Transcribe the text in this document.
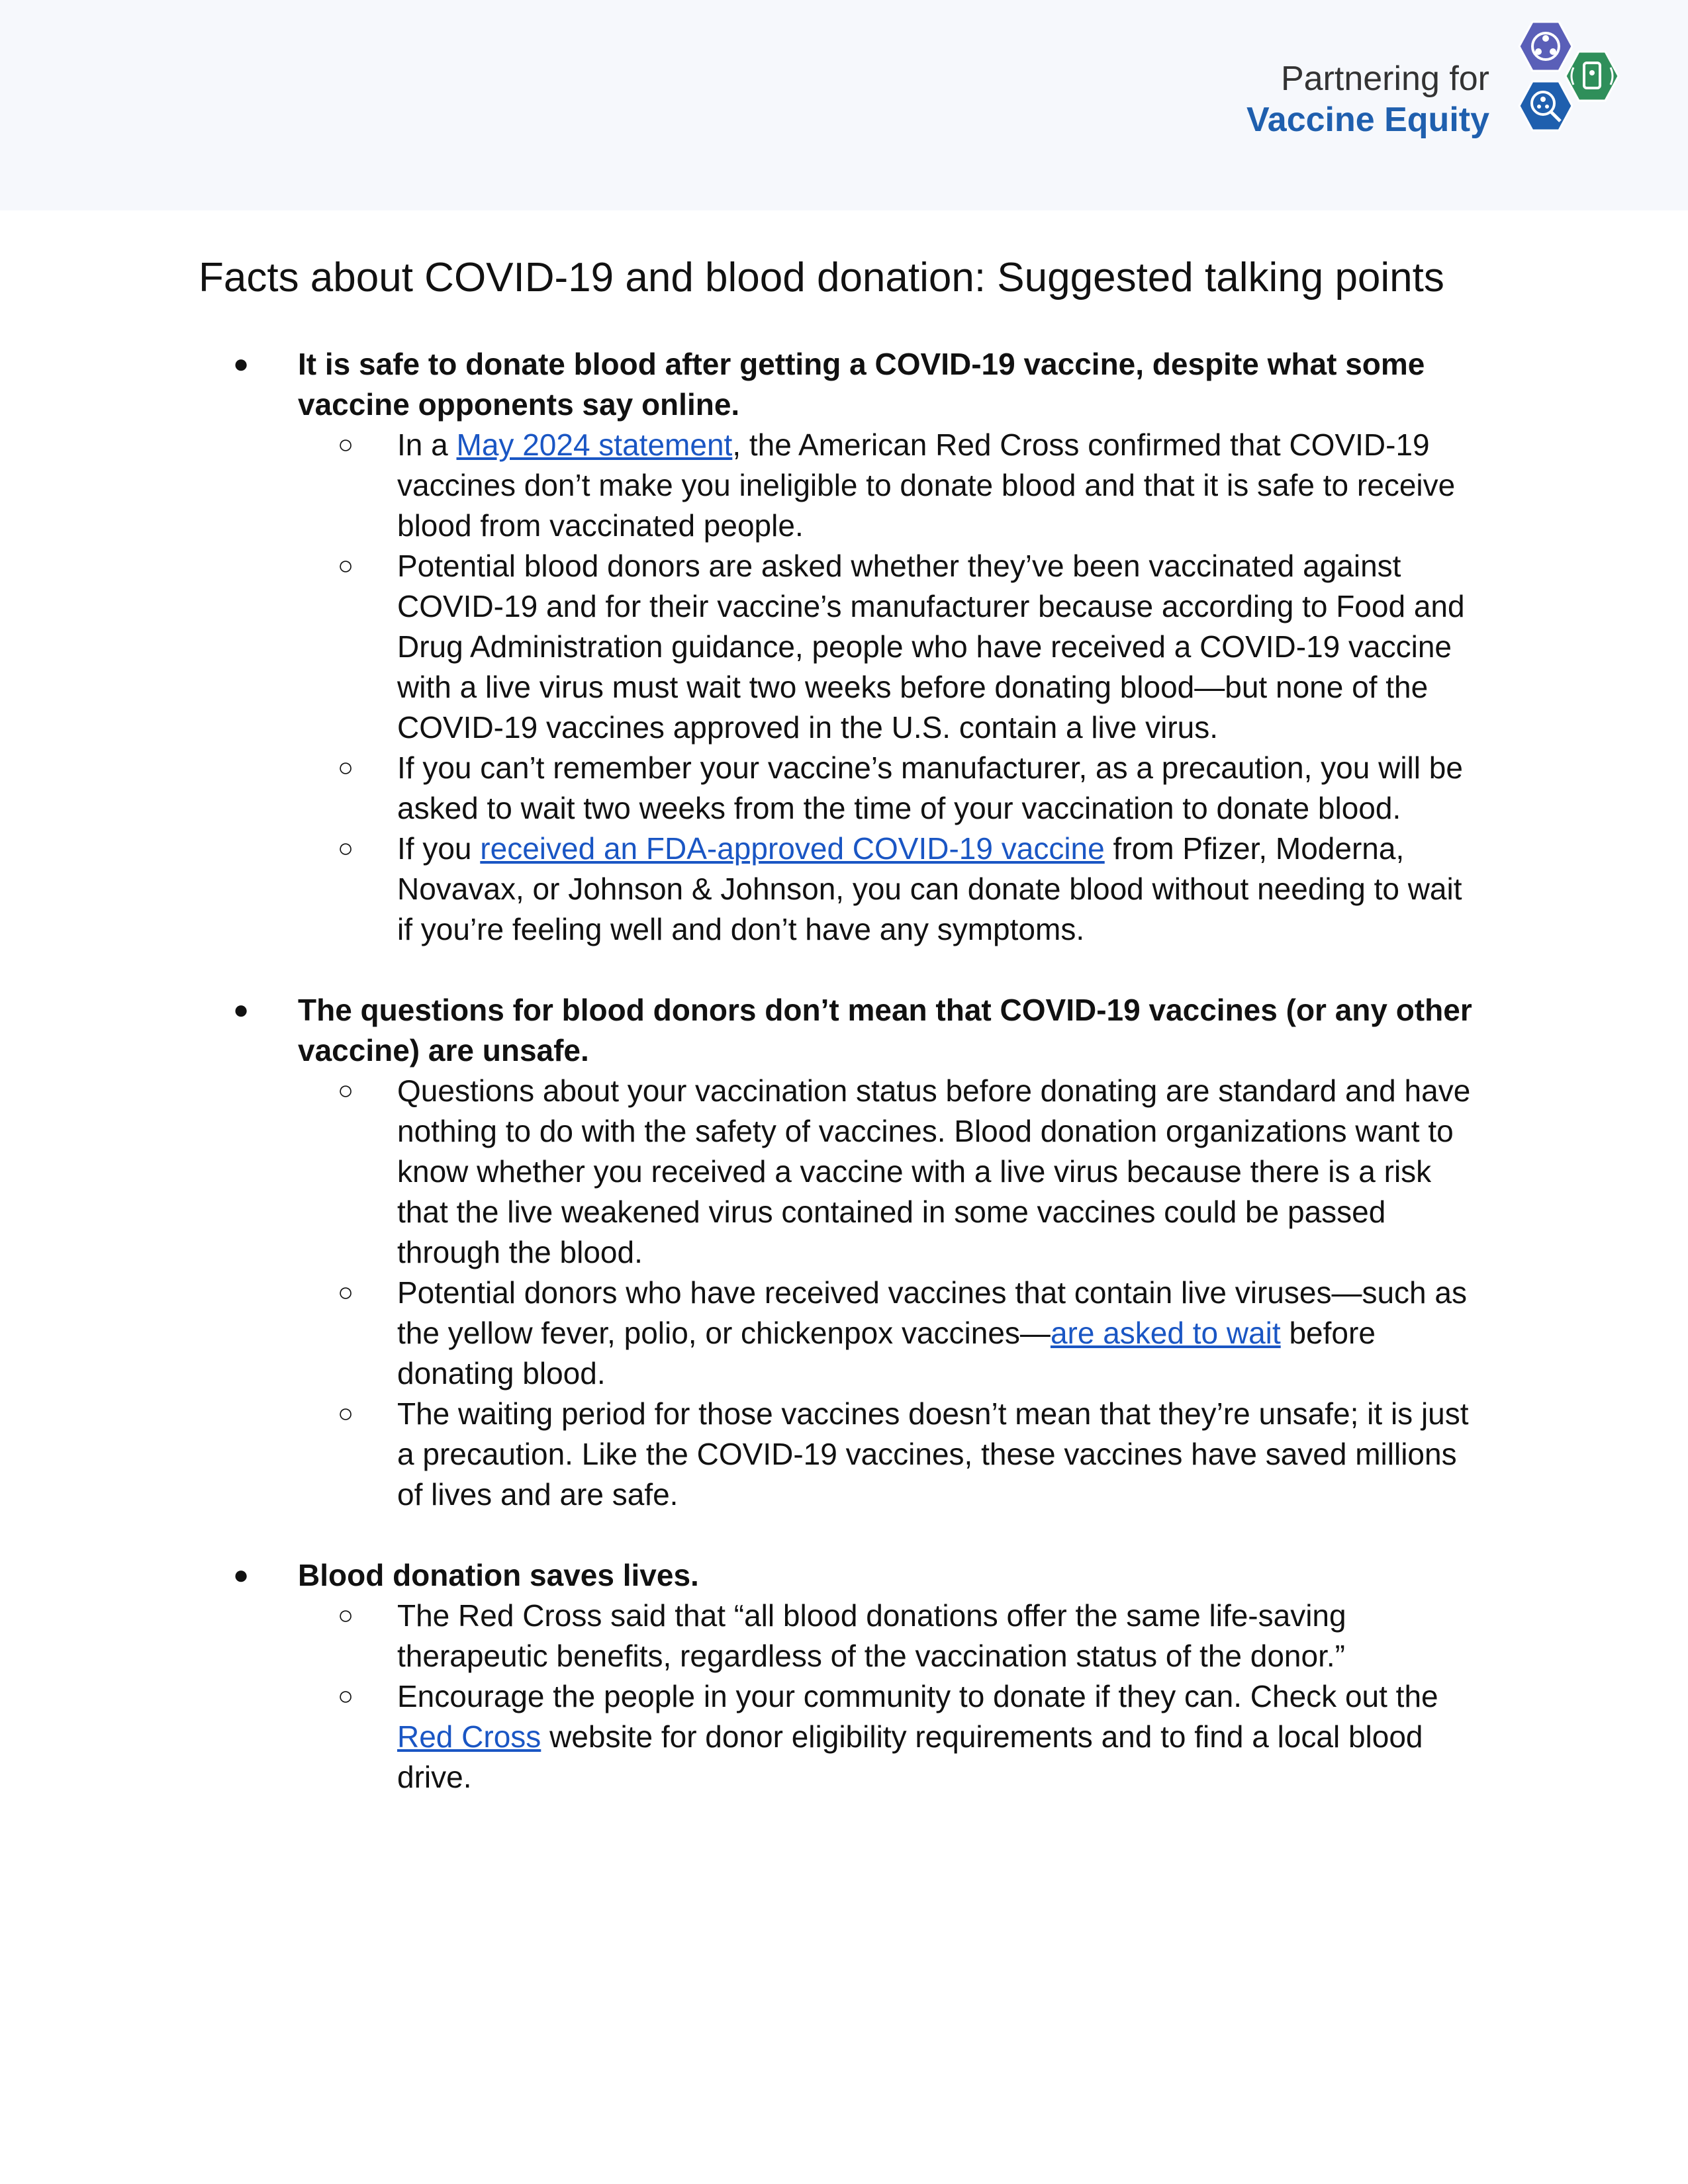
Partnering for
Vaccine Equity
Facts about COVID-19 and blood donation: Suggested talking points
●	It is safe to donate blood after getting a COVID-19 vaccine, despite what some vaccine opponents say online.
○	In a May 2024 statement, the American Red Cross confirmed that COVID-19 vaccines don’t make you ineligible to donate blood and that it is safe to receive blood from vaccinated people.
○	Potential blood donors are asked whether they’ve been vaccinated against COVID-19 and for their vaccine’s manufacturer because according to Food and Drug Administration guidance, people who have received a COVID-19 vaccine with a live virus must wait two weeks before donating blood—but none of the COVID-19 vaccines approved in the U.S. contain a live virus.
○	If you can’t remember your vaccine’s manufacturer, as a precaution, you will be asked to wait two weeks from the time of your vaccination to donate blood.
○	If you received an FDA-approved COVID-19 vaccine from Pfizer, Moderna, Novavax, or Johnson & Johnson, you can donate blood without needing to wait if you’re feeling well and don’t have any symptoms.
●	The questions for blood donors don’t mean that COVID-19 vaccines (or any other vaccine) are unsafe.
○	Questions about your vaccination status before donating are standard and have nothing to do with the safety of vaccines. Blood donation organizations want to know whether you received a vaccine with a live virus because there is a risk that the live weakened virus contained in some vaccines could be passed through the blood.
○	Potential donors who have received vaccines that contain live viruses—such as the yellow fever, polio, or chickenpox vaccines—are asked to wait before donating blood.
○	The waiting period for those vaccines doesn’t mean that they’re unsafe; it is just a precaution. Like the COVID-19 vaccines, these vaccines have saved millions of lives and are safe.
●	Blood donation saves lives.
○	The Red Cross said that “all blood donations offer the same life-saving therapeutic benefits, regardless of the vaccination status of the donor.”
○	Encourage the people in your community to donate if they can. Check out the Red Cross website for donor eligibility requirements and to find a local blood drive.
